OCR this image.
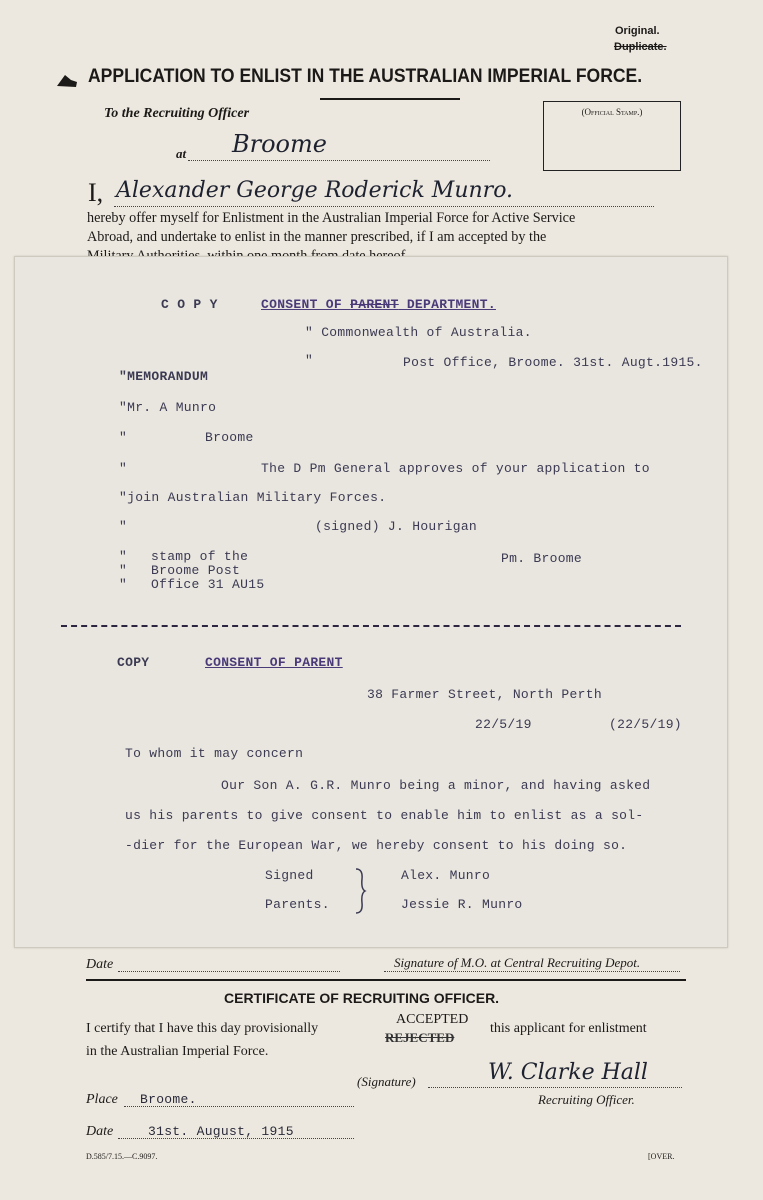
Original.
Duplicate.
APPLICATION TO ENLIST IN THE AUSTRALIAN IMPERIAL FORCE.
To the Recruiting Officer
at Broome
(Official Stamp.)
I, Alexander George Roderick Munro.
hereby offer myself for Enlistment in the Australian Imperial Force for Active Service
Abroad, and undertake to enlist in the manner prescribed, if I am accepted by the
C O P Y	CONSENT OF PARENT DEPARTMENT.
" Commonwealth of Australia.
"	Post Office, Broome. 31st. Augt.1915.
"MEMORANDUM
"Mr. A Munro
"	Broome
"	The D Pm General approves of your application to
"join Australian Military Forces.
"	(signed) J. Hourigan
"
"
"
stamp of the
Broome Post
Office 31 AU15
Pm. Broome
COPY	CONSENT OF PARENT
38 Farmer Street, North Perth
22/5/19	(22/5/19)
To whom it may concern
Our Son A. G.R. Munro being a minor, and having asked
us his parents to give consent to enable him to enlist as a sol-
-dier for the European War, we hereby consent to his doing so.
Signed
Parents.
Alex. Munro
Jessie R. Munro
Date	Signature of M.O. at Central Recruiting Depot.
CERTIFICATE OF RECRUITING OFFICER.
I certify that I have this day provisionally
ACCEPTED
REJECTED
this applicant for enlistment
in the Australian Imperial Force.
(Signature)	W. Clarke Hall
Recruiting Officer.
Place Broome.
Date	31st. August, 1915
D.585/7.15.—C.9097.	[OVER.
